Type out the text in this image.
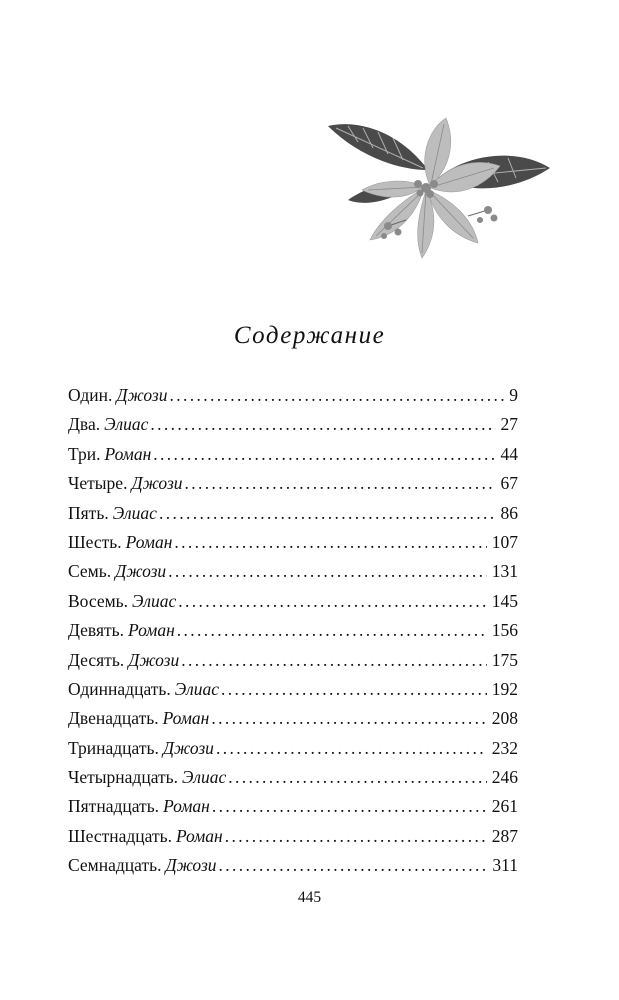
Содержание
Один. Джози . . .	9
Два. Элиас . . .	27
Три. Роман . . .	44
Четыре. Джози . . .	67
Пять. Элиас . . .	86
Шесть. Роман . . .	107
Семь. Джози . . .	131
Восемь. Элиас . . .	145
Девять. Роман . . .	156
Десять. Джози . . .	175
Одиннадцать. Элиас . . .	192
Двенадцать. Роман . . .	208
Тринадцать. Джози . . .	232
Четырнадцать. Элиас . . .	246
Пятнадцать. Роман . . .	261
Шестнадцать. Роман . . .	287
Семнадцать. Джози . . .	311
445
